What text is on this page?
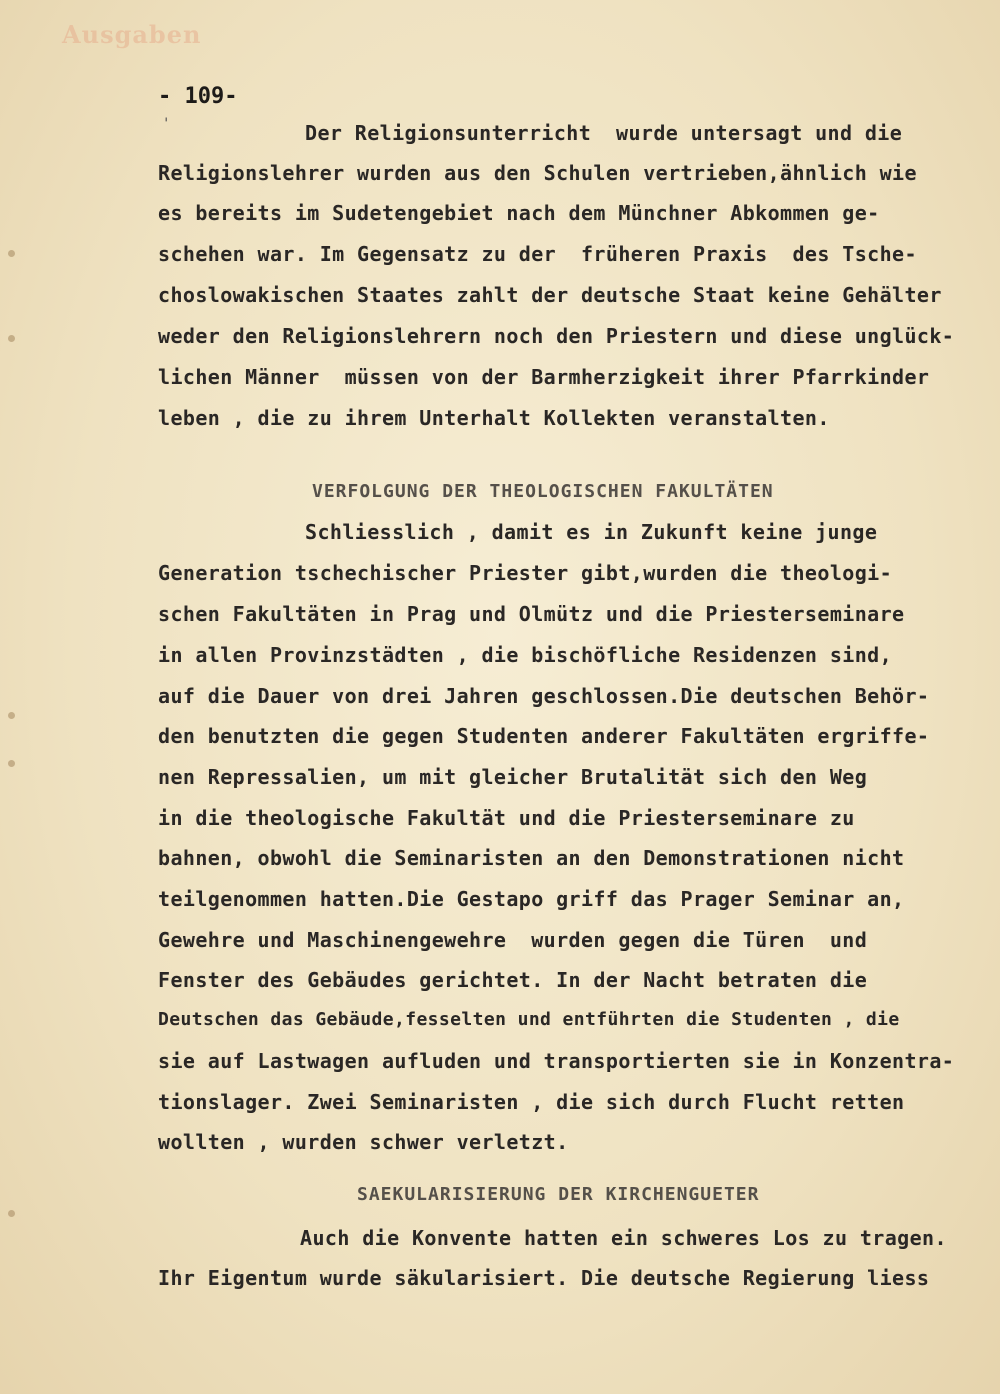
Ausgaben
- 109-
'	Der Religionsunterricht  wurde untersagt und die
Religionslehrer wurden aus den Schulen vertrieben,ähnlich wie
es bereits im Sudetengebiet nach dem Münchner Abkommen ge-
schehen war. Im Gegensatz zu der  früheren Praxis  des Tsche-
choslowakischen Staates zahlt der deutsche Staat keine Gehälter
weder den Religionslehrern noch den Priestern und diese unglück-
lichen Männer  müssen von der Barmherzigkeit ihrer Pfarrkinder
leben , die zu ihrem Unterhalt Kollekten veranstalten.
VERFOLGUNG DER THEOLOGISCHEN FAKULTÄTEN
Schliesslich , damit es in Zukunft keine junge
Generation tschechischer Priester gibt,wurden die theologi-
schen Fakultäten in Prag und Olmütz und die Priesterseminare
in allen Provinzstädten , die bischöfliche Residenzen sind,
auf die Dauer von drei Jahren geschlossen.Die deutschen Behör-
den benutzten die gegen Studenten anderer Fakultäten ergriffe-
nen Repressalien, um mit gleicher Brutalität sich den Weg
in die theologische Fakultät und die Priesterseminare zu
bahnen, obwohl die Seminaristen an den Demonstrationen nicht
teilgenommen hatten.Die Gestapo griff das Prager Seminar an,
Gewehre und Maschinengewehre  wurden gegen die Türen  und
Fenster des Gebäudes gerichtet. In der Nacht betraten die
Deutschen das Gebäude,fesselten und entführten die Studenten , die
sie auf Lastwagen aufluden und transportierten sie in Konzentra-
tionslager. Zwei Seminaristen , die sich durch Flucht retten
wollten , wurden schwer verletzt.
SAEKULARISIERUNG DER KIRCHENGUETER
Auch die Konvente hatten ein schweres Los zu tragen.
Ihr Eigentum wurde säkularisiert. Die deutsche Regierung liess
